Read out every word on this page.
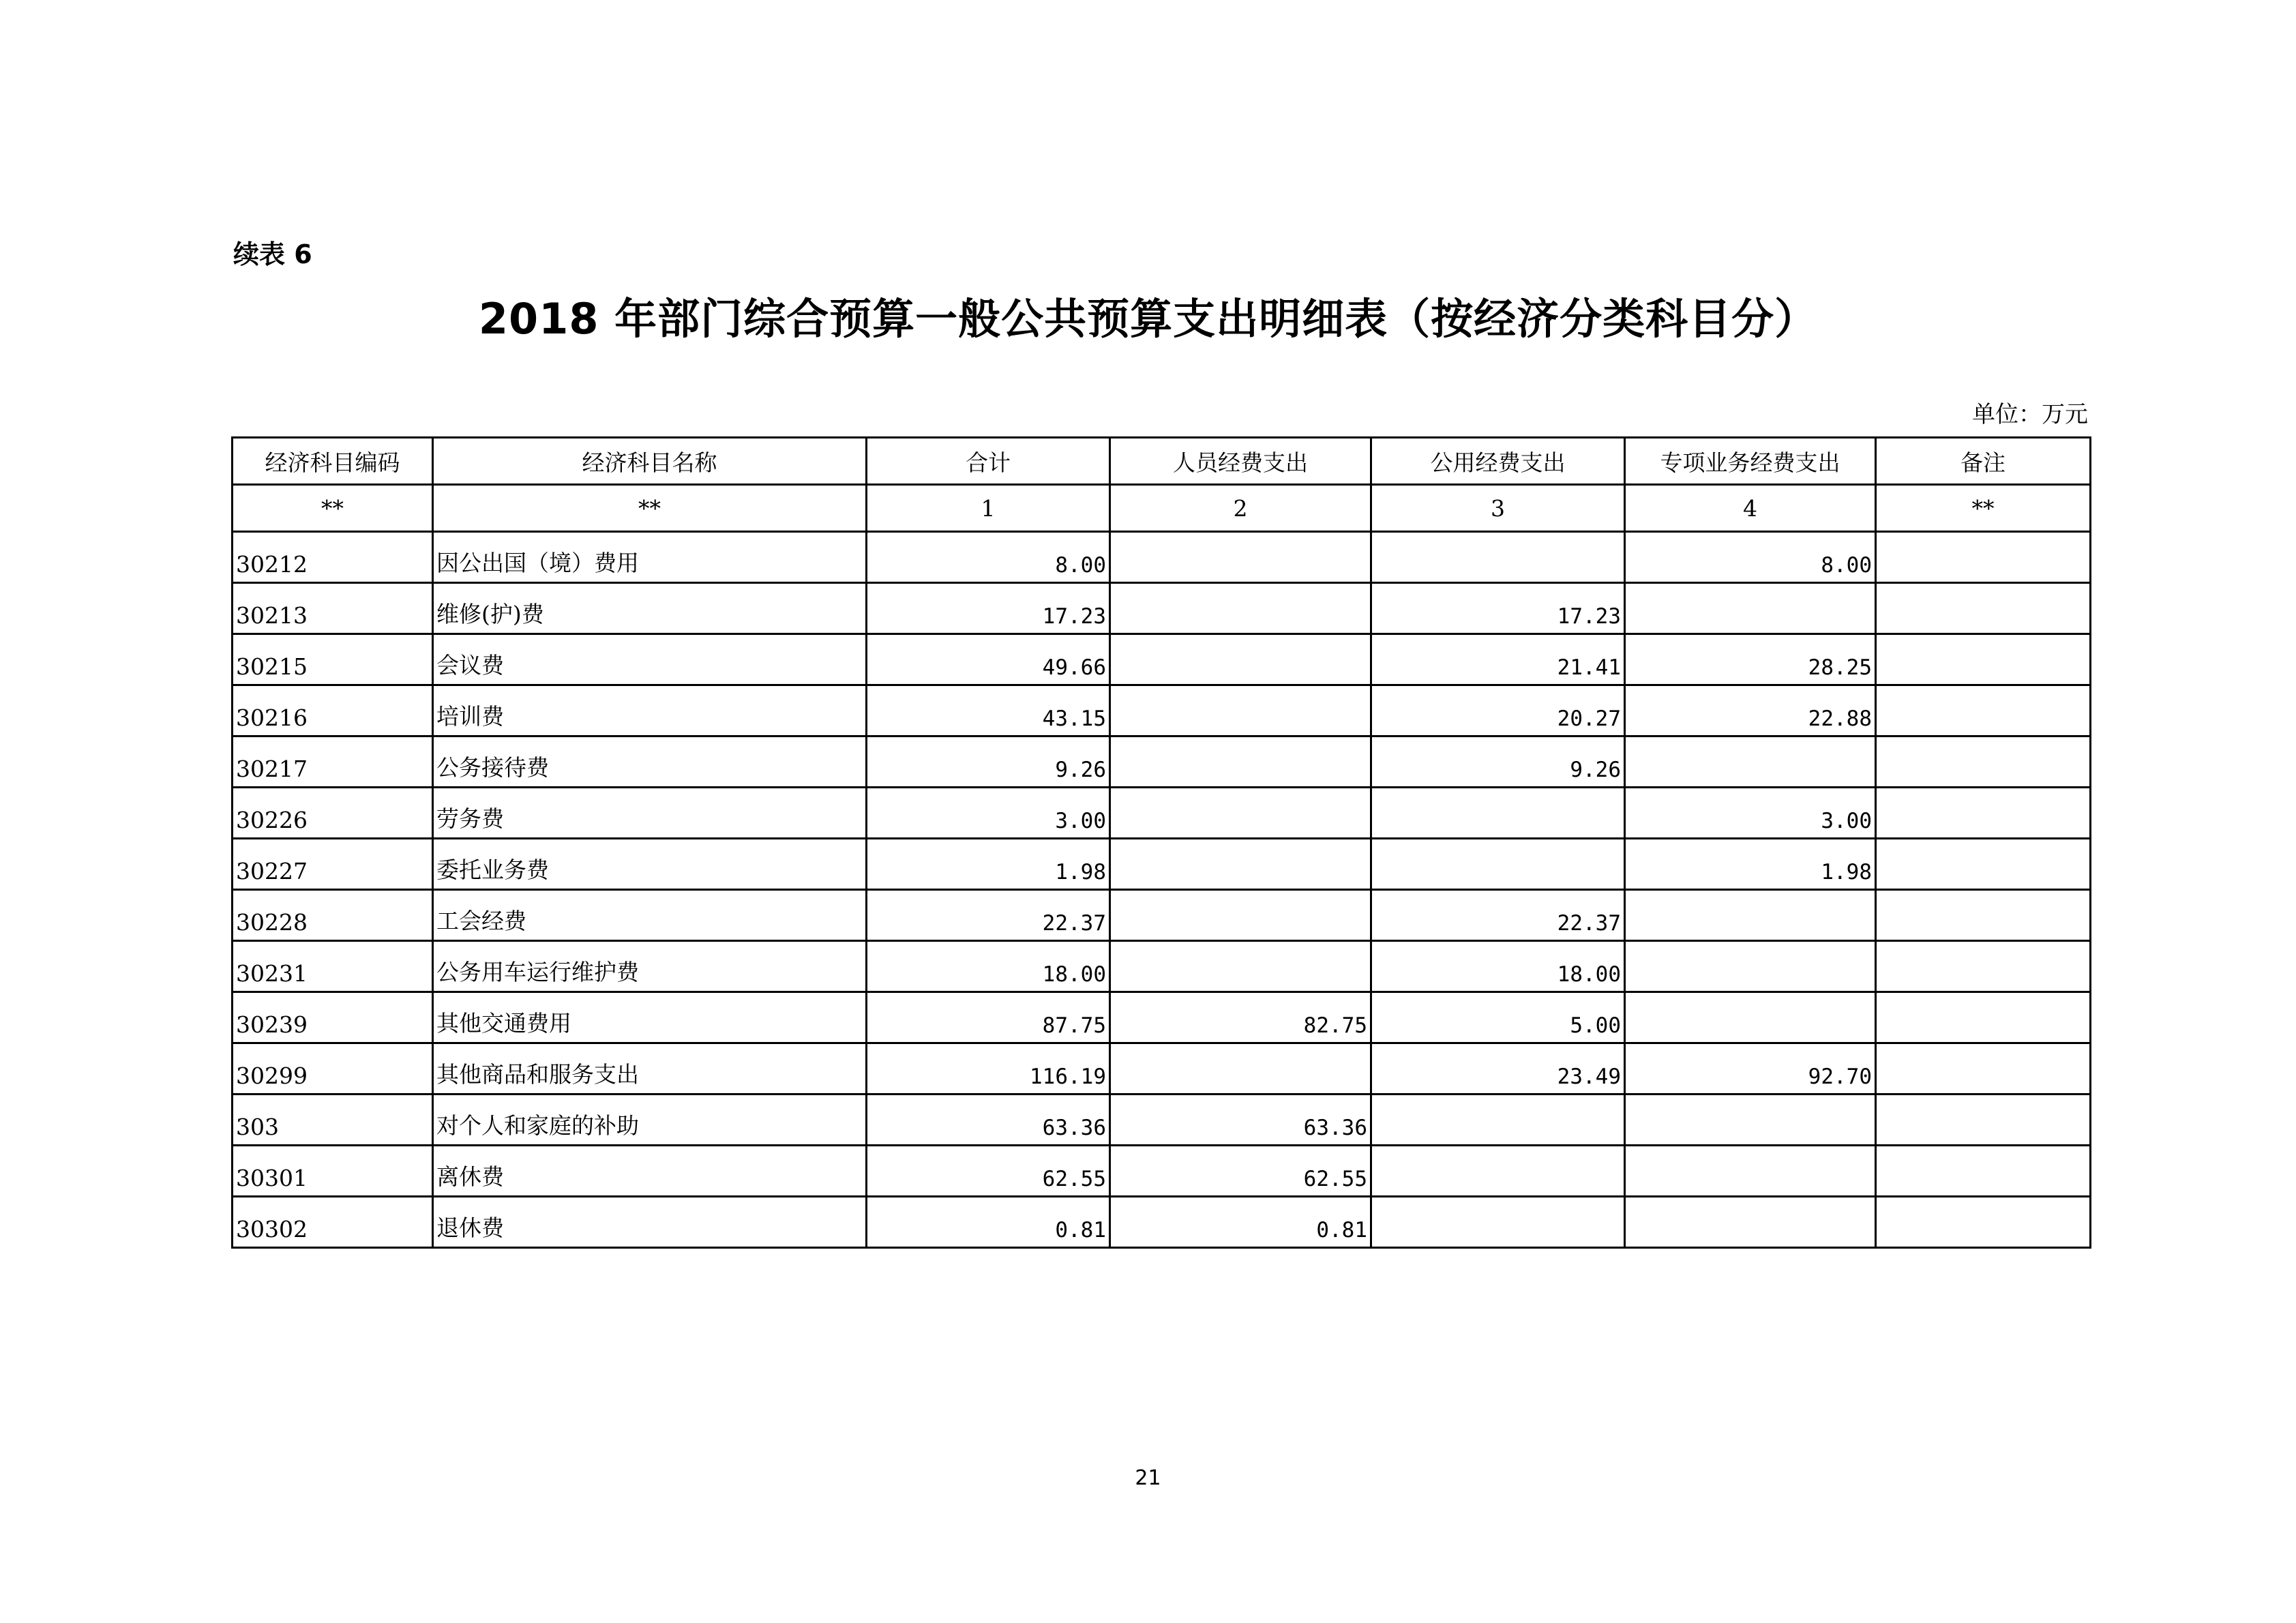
续表 6
2018 年部门综合预算一般公共预算支出明细表（按经济分类科目分）
单位：万元
经济科目编码	经济科目名称	合计	人员经费支出	公用经费支出	专项业务经费支出	备注
**	**	1	2	3	4	**
30212	因公出国（境）费用	8.00			8.00	
30213	维修(护)费	17.23		17.23		
30215	会议费	49.66		21.41	28.25	
30216	培训费	43.15		20.27	22.88	
30217	公务接待费	9.26		9.26		
30226	劳务费	3.00			3.00	
30227	委托业务费	1.98			1.98	
30228	工会经费	22.37		22.37		
30231	公务用车运行维护费	18.00		18.00		
30239	其他交通费用	87.75	82.75	5.00		
30299	其他商品和服务支出	116.19		23.49	92.70	
303	对个人和家庭的补助	63.36	63.36			
30301	离休费	62.55	62.55			
30302	退休费	0.81	0.81			
21
